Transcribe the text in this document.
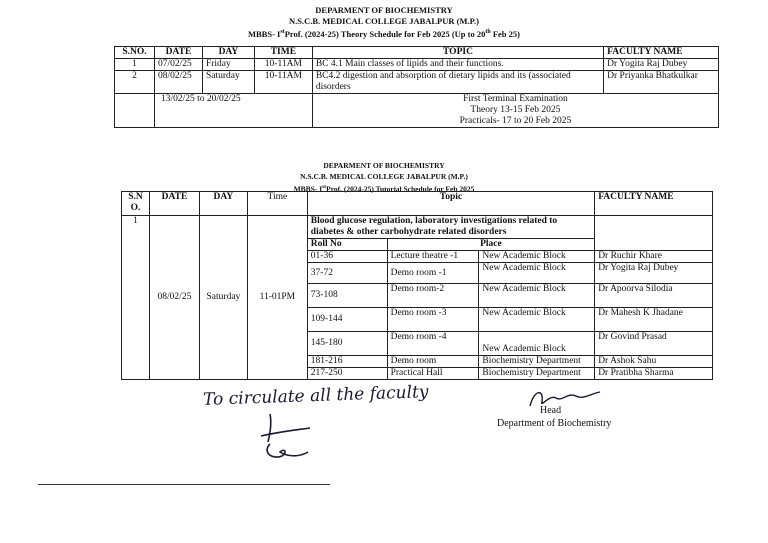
DEPARMENT OF BIOCHEMISTRY
N.S.C.B. MEDICAL COLLEGE JABALPUR (M.P.)
MBBS- IstProf. (2024-25) Theory Schedule for Feb 2025 (Up to 20th Feb 25)
S.NO.	DATE	DAY	TIME	TOPIC	FACULTY NAME
1	07/02/25	Friday	10-11AM	BC 4.1 Main classes of lipids and their functions.	Dr Yogita Raj Dubey
2	08/02/25	Saturday	10-11AM	BC4.2 digestion and absorption of dietary lipids and its (associated disorders	Dr Priyanka Bhatkulkar
	13/02/25 to 20/02/25			First Terminal Examination
Theory 13-15 Feb 2025
Practicals- 17 to 20 Feb 2025	
DEPARMENT OF BIOCHEMISTRY
N.S.C.B. MEDICAL COLLEGE JABALPUR (M.P.)
MBBS- IstProf. (2024-25) Tutorial Schedule for Feb 2025
S.N O.	DATE	DAY	Time	Topic			FACULTY NAME
1	08/02/25	Saturday	11-01PM	Blood glucose regulation, laboratory investigations related to diabetes & other carbohydrate related disorders			
				Roll No	Place		
				01-36	Lecture theatre -1	New Academic Block	Dr Ruchir Khare
				37-72	Demo room -1	New Academic Block	Dr Yogita Raj Dubey
				73-108	Demo room-2	New Academic Block	Dr Apoorva Silodia
				109-144	Demo room -3	New Academic Block	Dr Mahesh K Jhadane
				145-180	Demo room -4	New Academic Block	Dr Govind Prasad
				181-216	Demo room	Biochemistry Department	Dr Ashok Sahu
				217-250	Practical Hall	Biochemistry Department	Dr Pratibha Sharma
To circulate all the faculty
Head
Department of Biochemistry
